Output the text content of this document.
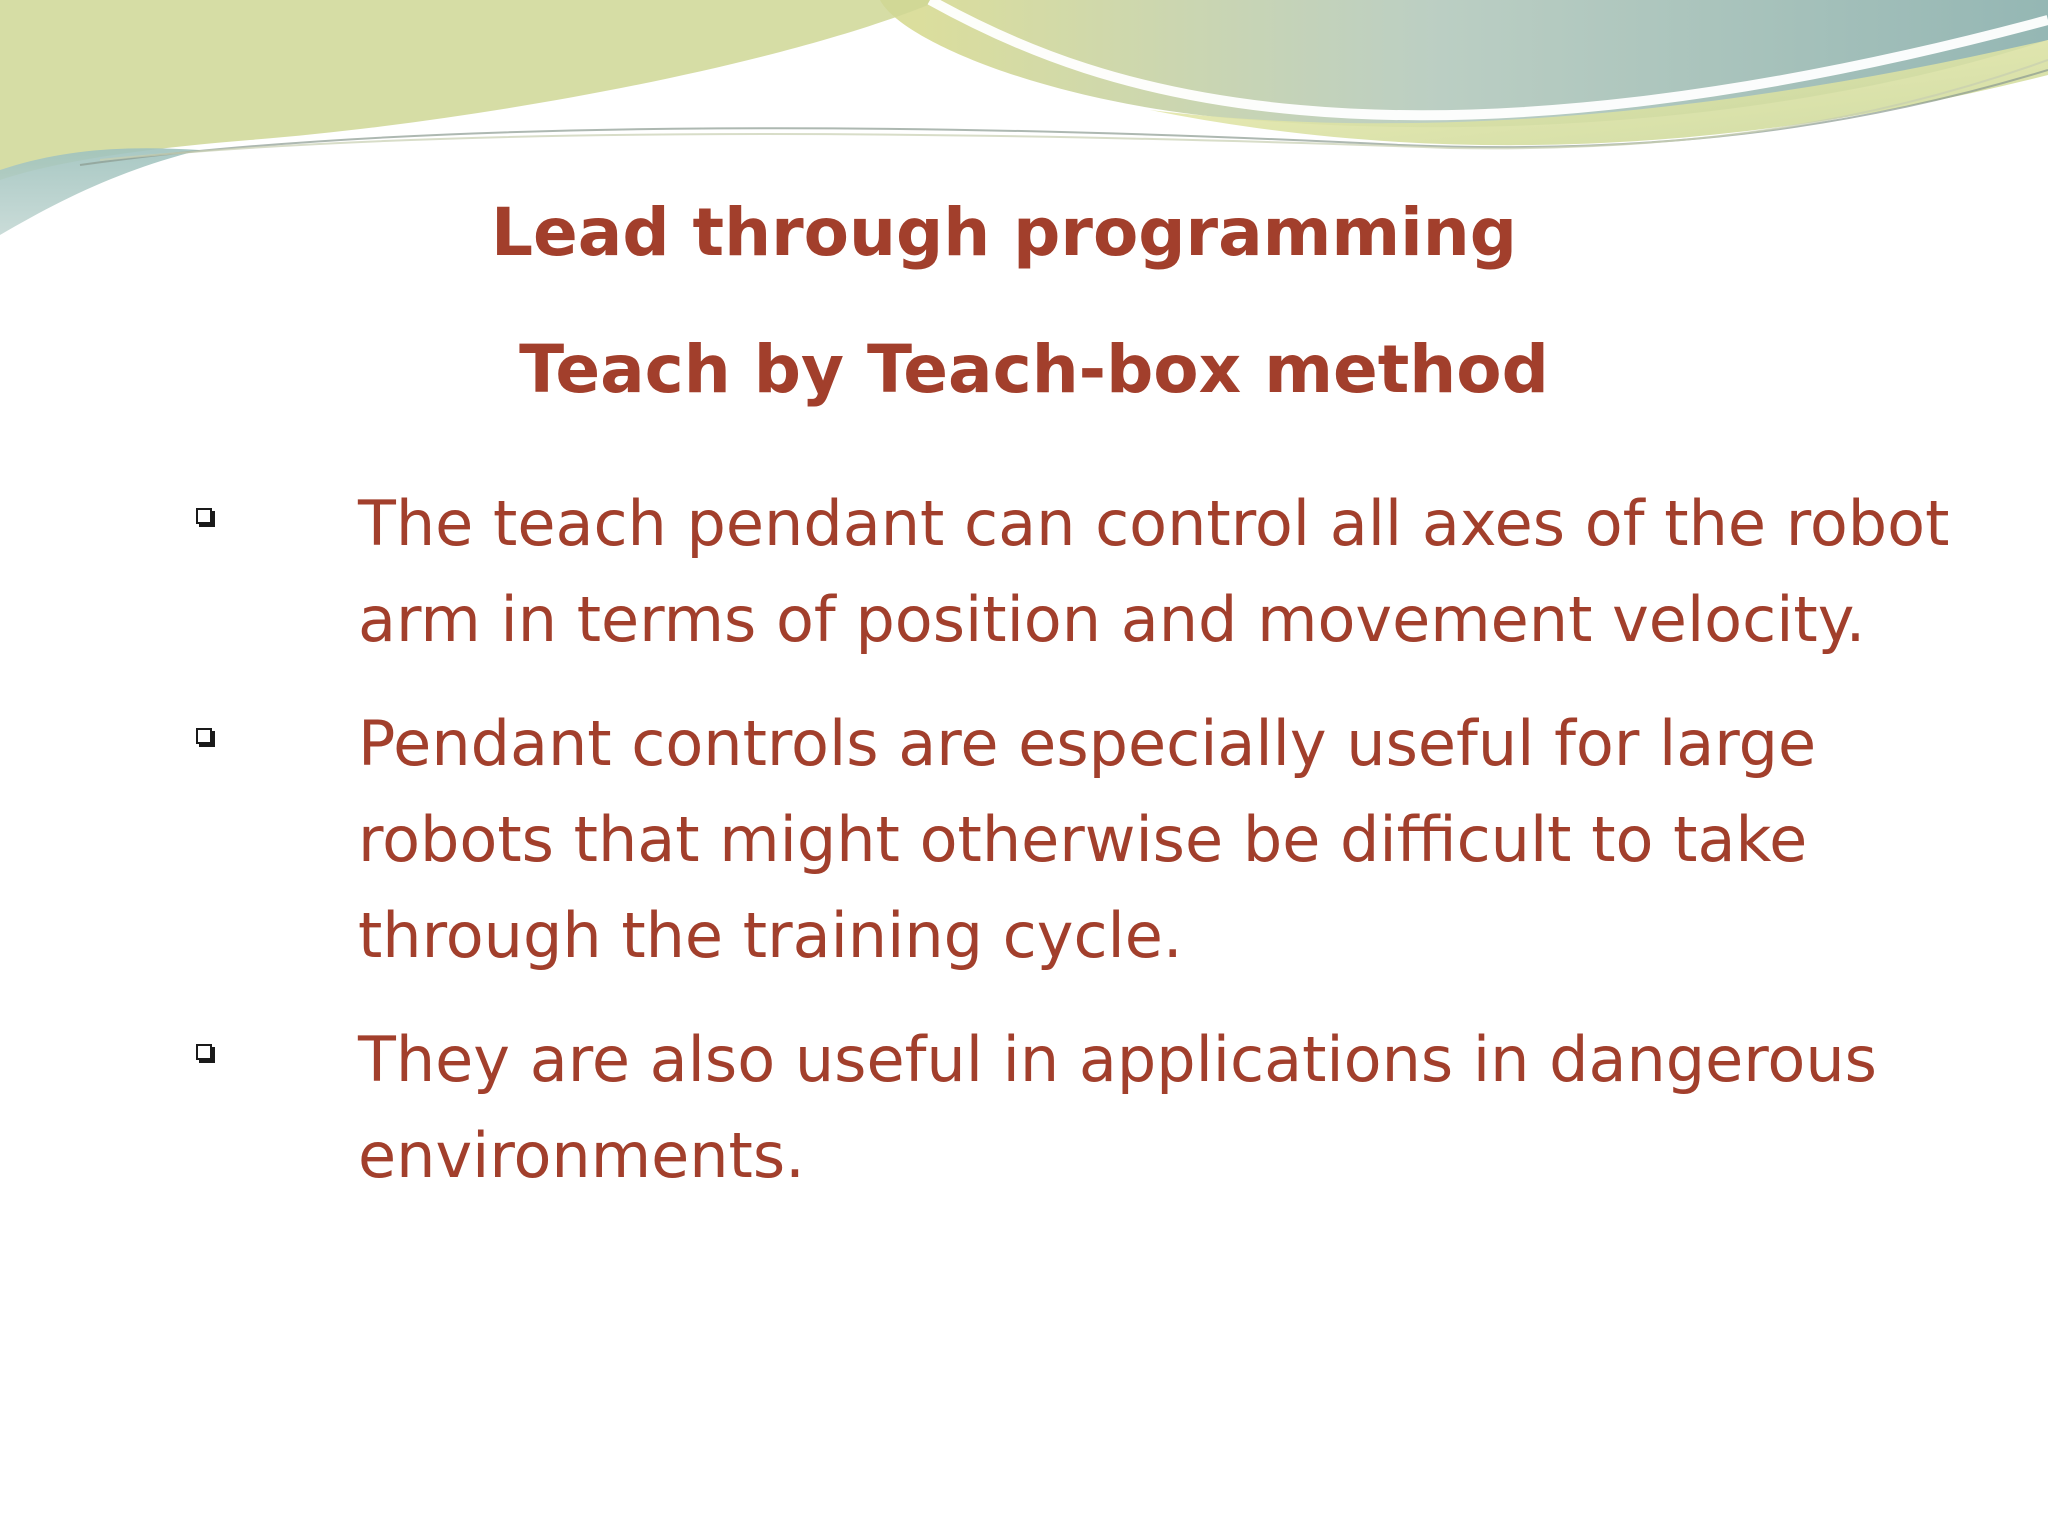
Lead through programming
Teach by Teach-box method
The teach pendant can control all axes of the robot arm in terms of position and movement velocity.
Pendant controls are especially useful for large robots that might otherwise be difficult to take through the training cycle.
They are also useful in applications in dangerous environments.
